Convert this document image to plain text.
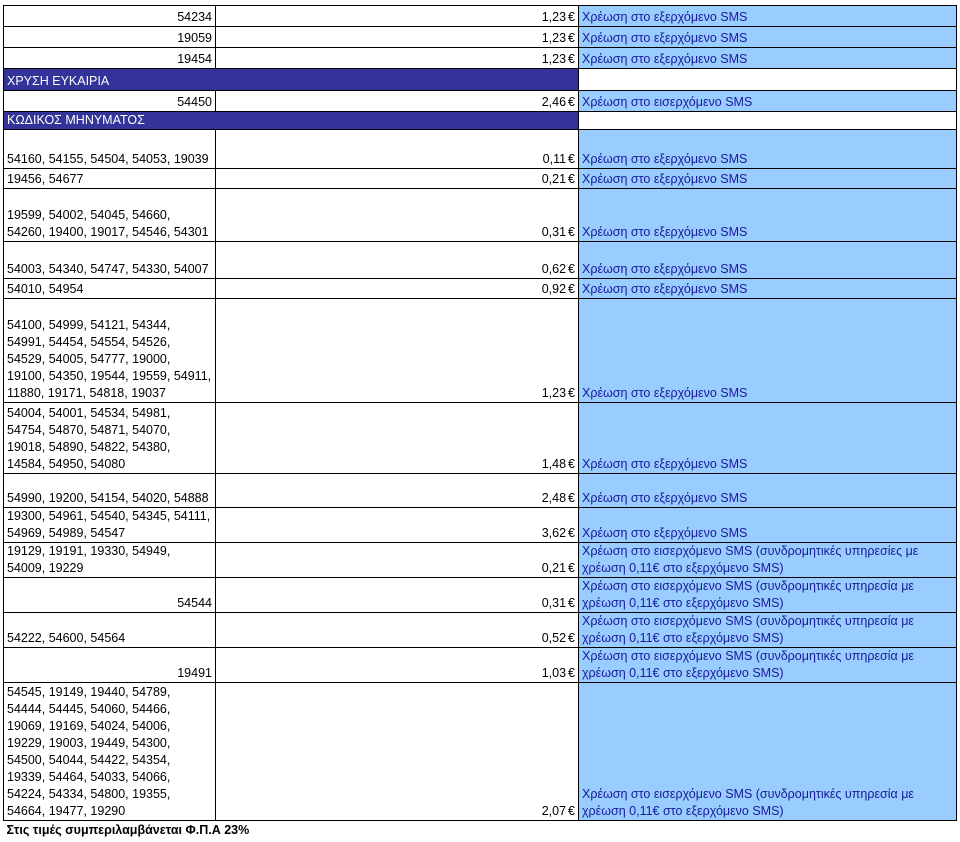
54234	1,23 €	Χρέωση στο εξερχόμενο SMS
19059	1,23 €	Χρέωση στο εξερχόμενο SMS
19454	1,23 €	Χρέωση στο εξερχόμενο SMS
ΧΡΥΣΗ ΕΥΚΑΙΡΙΑ		
54450	2,46 €	Χρέωση στο εισερχόμενο SMS
ΚΩΔΙΚΟΣ ΜΗΝΥΜΑΤΟΣ		
54160, 54155, 54504, 54053, 19039	0,11 €	Χρέωση στο εξερχόμενο SMS
19456, 54677	0,21 €	Χρέωση στο εξερχόμενο SMS
19599, 54002, 54045, 54660, 54260, 19400, 19017, 54546, 54301	0,31 €	Χρέωση στο εξερχόμενο SMS
54003, 54340, 54747, 54330, 54007	0,62 €	Χρέωση στο εξερχόμενο SMS
54010, 54954	0,92 €	Χρέωση στο εξερχόμενο SMS
54100, 54999, 54121, 54344, 54991, 54454, 54554, 54526, 54529, 54005, 54777, 19000, 19100, 54350, 19544, 19559, 54911, 11880, 19171, 54818, 19037	1,23 €	Χρέωση στο εξερχόμενο SMS
54004, 54001, 54534, 54981, 54754, 54870, 54871, 54070, 19018, 54890, 54822, 54380, 14584, 54950, 54080	1,48 €	Χρέωση στο εξερχόμενο SMS
54990, 19200, 54154, 54020, 54888	2,48 €	Χρέωση στο εξερχόμενο SMS
19300, 54961, 54540, 54345, 54111, 54969, 54989, 54547	3,62 €	Χρέωση στο εξερχόμενο SMS
19129, 19191, 19330, 54949, 54009, 19229	0,21 €	Χρέωση στο εισερχόμενο SMS (συνδρομητικές υπηρεσίες με χρέωση 0,11€ στο εξερχόμενο SMS)
54544	0,31 €	Χρέωση στο εισερχόμενο SMS (συνδρομητικές υπηρεσία με χρέωση 0,11€ στο εξερχόμενο SMS)
54222, 54600, 54564	0,52 €	Χρέωση στο εισερχόμενο SMS (συνδρομητικές υπηρεσία με χρέωση 0,11€ στο εξερχόμενο SMS)
19491	1,03 €	Χρέωση στο εισερχόμενο SMS (συνδρομητικές υπηρεσία με χρέωση 0,11€ στο εξερχόμενο SMS)
54545, 19149, 19440, 54789, 54444, 54445, 54060, 54466, 19069, 19169, 54024, 54006, 19229, 19003, 19449, 54300, 54500, 54044, 54422, 54354, 19339, 54464, 54033, 54066, 54224, 54334, 54800, 19355, 54664, 19477, 19290	2,07 €	Χρέωση στο εισερχόμενο SMS (συνδρομητικές υπηρεσία με χρέωση 0,11€ στο εξερχόμενο SMS)
Στις τιμές συμπεριλαμβάνεται Φ.Π.Α 23%		
